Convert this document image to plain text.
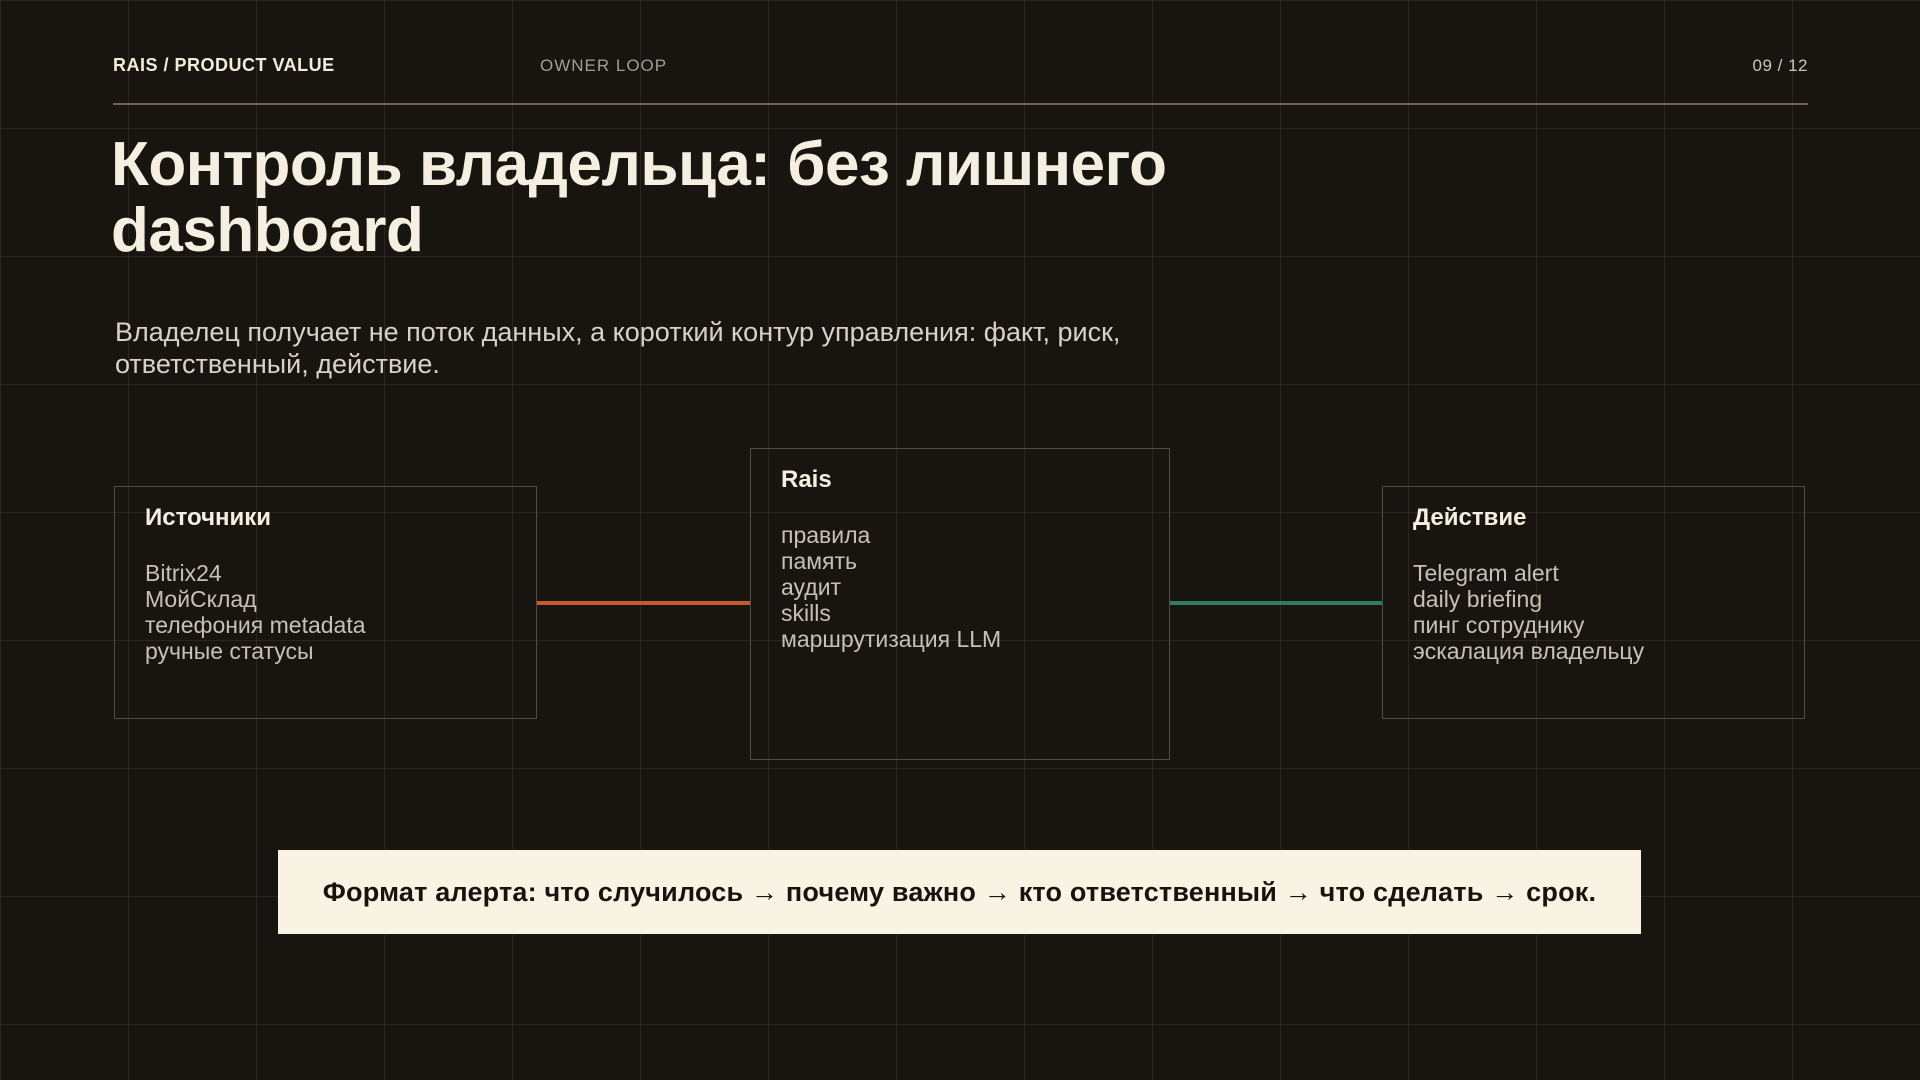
RAIS / PRODUCT VALUE	OWNER LOOP	09 / 12
Контроль владельца: без лишнего dashboard

Владелец получает не поток данных, а короткий контур управления: факт, риск, ответственный, действие.

Источники
Bitrix24
МойСклад
телефония metadata
ручные статусы
Rais
правила
память
аудит
skills
маршрутизация LLM
Действие
Telegram alert
daily briefing
пинг сотруднику
эскалация владельцу
Формат алерта: что случилось → почему важно → кто ответственный → что сделать → срок.
